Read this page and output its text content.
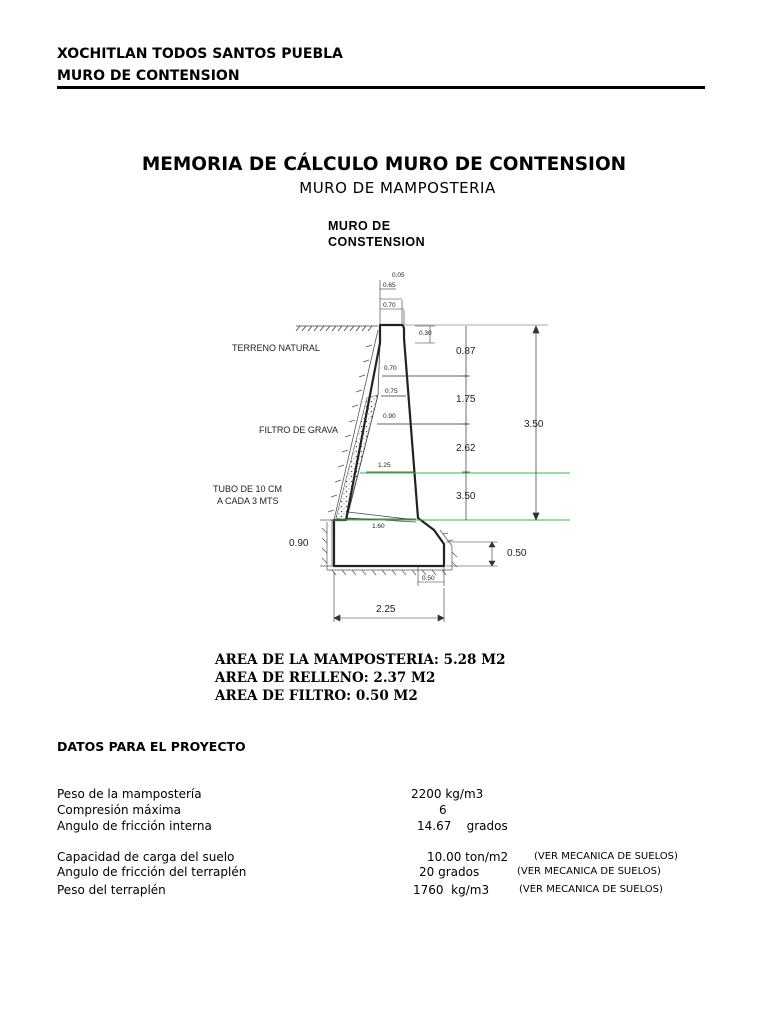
XOCHITLAN TODOS SANTOS PUEBLA
MURO DE CONTENSION
MEMORIA DE CÁLCULO MURO DE CONTENSION
MURO DE MAMPOSTERIA
MURO DE
CONSTENSION
0.70
0.75
0.90
1.25
1.60
0.05
0.65
0.70
0.30
0.87
1.75
2.62
3.50
3.50
TERRENO NATURAL
FILTRO DE GRAVA
TUBO DE 10 CM
A CADA 3 MTS
0.90
0.50
0.50
2.25
AREA DE LA MAMPOSTERIA: 5.28 M2
AREA DE RELLENO: 2.37 M2
AREA DE FILTRO: 0.50 M2
DATOS PARA EL PROYECTO
Peso de la mampostería	2200 kg/m3
Compresión máxima	6
Angulo de fricción interna	14.67    grados
Capacidad de carga del suelo	10.00 ton/m2	(VER MECANICA DE SUELOS)
Angulo de fricción del terraplén	20 grados	(VER MECANICA DE SUELOS)
Peso del terraplén	1760  kg/m3	(VER MECANICA DE SUELOS)
